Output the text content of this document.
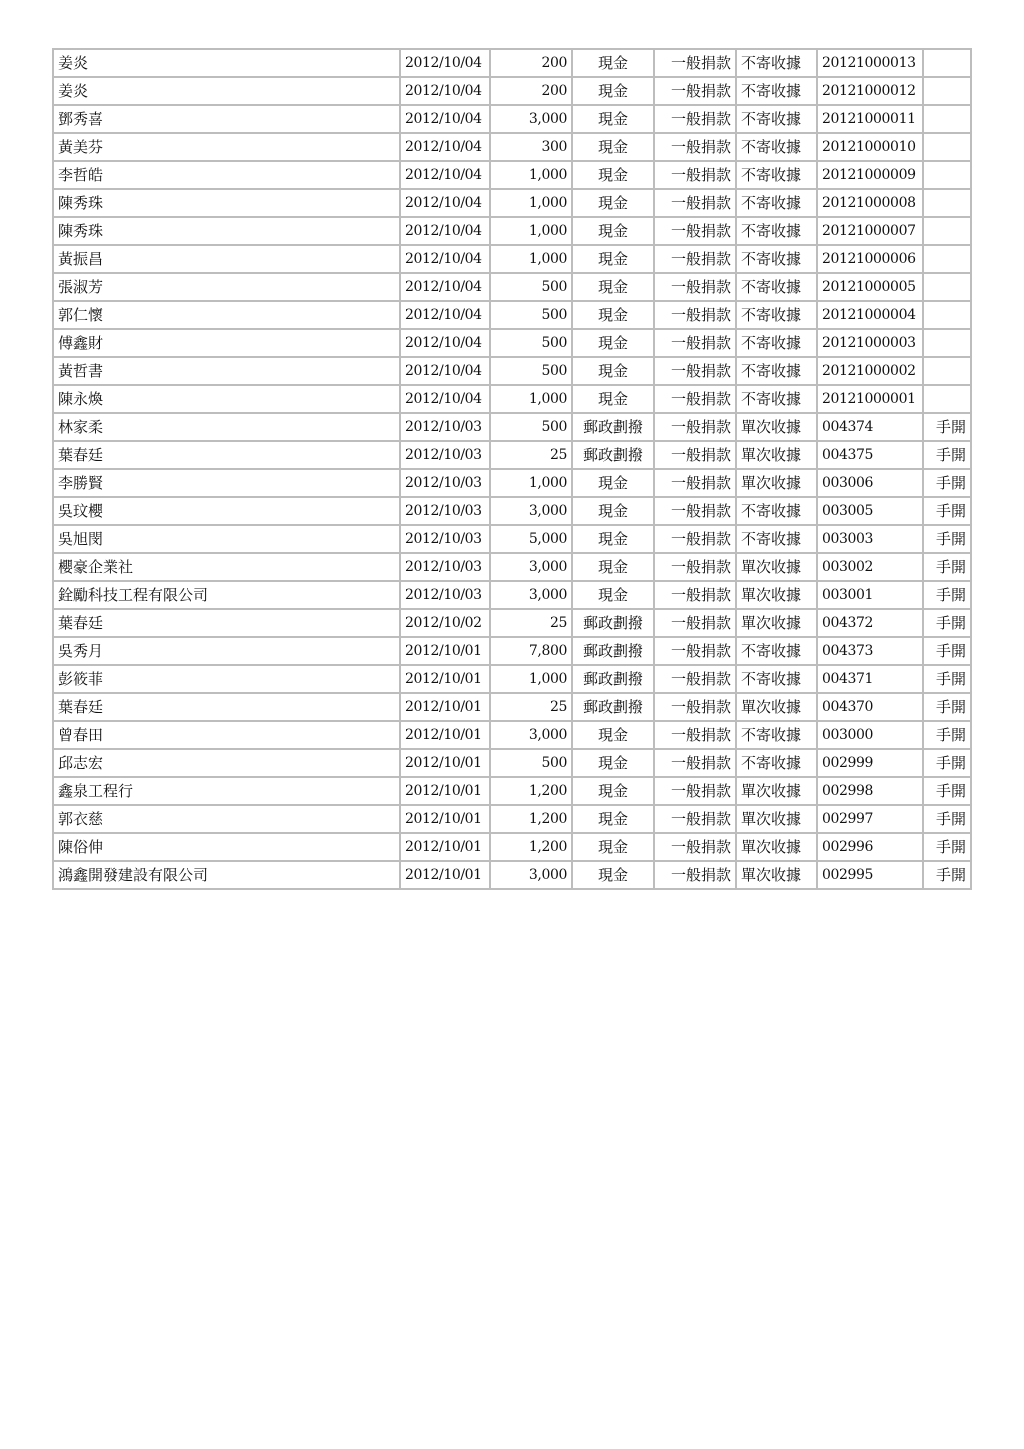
姜炎	2012/10/04	200	現金	一般捐款	不寄收據	20121000013	
姜炎	2012/10/04	200	現金	一般捐款	不寄收據	20121000012	
鄧秀喜	2012/10/04	3,000	現金	一般捐款	不寄收據	20121000011	
黃美芬	2012/10/04	300	現金	一般捐款	不寄收據	20121000010	
李哲皓	2012/10/04	1,000	現金	一般捐款	不寄收據	20121000009	
陳秀珠	2012/10/04	1,000	現金	一般捐款	不寄收據	20121000008	
陳秀珠	2012/10/04	1,000	現金	一般捐款	不寄收據	20121000007	
黃振昌	2012/10/04	1,000	現金	一般捐款	不寄收據	20121000006	
張淑芳	2012/10/04	500	現金	一般捐款	不寄收據	20121000005	
郭仁懷	2012/10/04	500	現金	一般捐款	不寄收據	20121000004	
傅鑫財	2012/10/04	500	現金	一般捐款	不寄收據	20121000003	
黃哲書	2012/10/04	500	現金	一般捐款	不寄收據	20121000002	
陳永煥	2012/10/04	1,000	現金	一般捐款	不寄收據	20121000001	
林家柔	2012/10/03	500	郵政劃撥	一般捐款	單次收據	004374	手開
葉春廷	2012/10/03	25	郵政劃撥	一般捐款	單次收據	004375	手開
李勝賢	2012/10/03	1,000	現金	一般捐款	單次收據	003006	手開
吳玟櫻	2012/10/03	3,000	現金	一般捐款	不寄收據	003005	手開
吳旭閔	2012/10/03	5,000	現金	一般捐款	不寄收據	003003	手開
櫻豪企業社	2012/10/03	3,000	現金	一般捐款	單次收據	003002	手開
銓勵科技工程有限公司	2012/10/03	3,000	現金	一般捐款	單次收據	003001	手開
葉春廷	2012/10/02	25	郵政劃撥	一般捐款	單次收據	004372	手開
吳秀月	2012/10/01	7,800	郵政劃撥	一般捐款	不寄收據	004373	手開
彭筱菲	2012/10/01	1,000	郵政劃撥	一般捐款	不寄收據	004371	手開
葉春廷	2012/10/01	25	郵政劃撥	一般捐款	單次收據	004370	手開
曾春田	2012/10/01	3,000	現金	一般捐款	不寄收據	003000	手開
邱志宏	2012/10/01	500	現金	一般捐款	不寄收據	002999	手開
鑫泉工程行	2012/10/01	1,200	現金	一般捐款	單次收據	002998	手開
郭衣慈	2012/10/01	1,200	現金	一般捐款	單次收據	002997	手開
陳俗伸	2012/10/01	1,200	現金	一般捐款	單次收據	002996	手開
鴻鑫開發建設有限公司	2012/10/01	3,000	現金	一般捐款	單次收據	002995	手開
